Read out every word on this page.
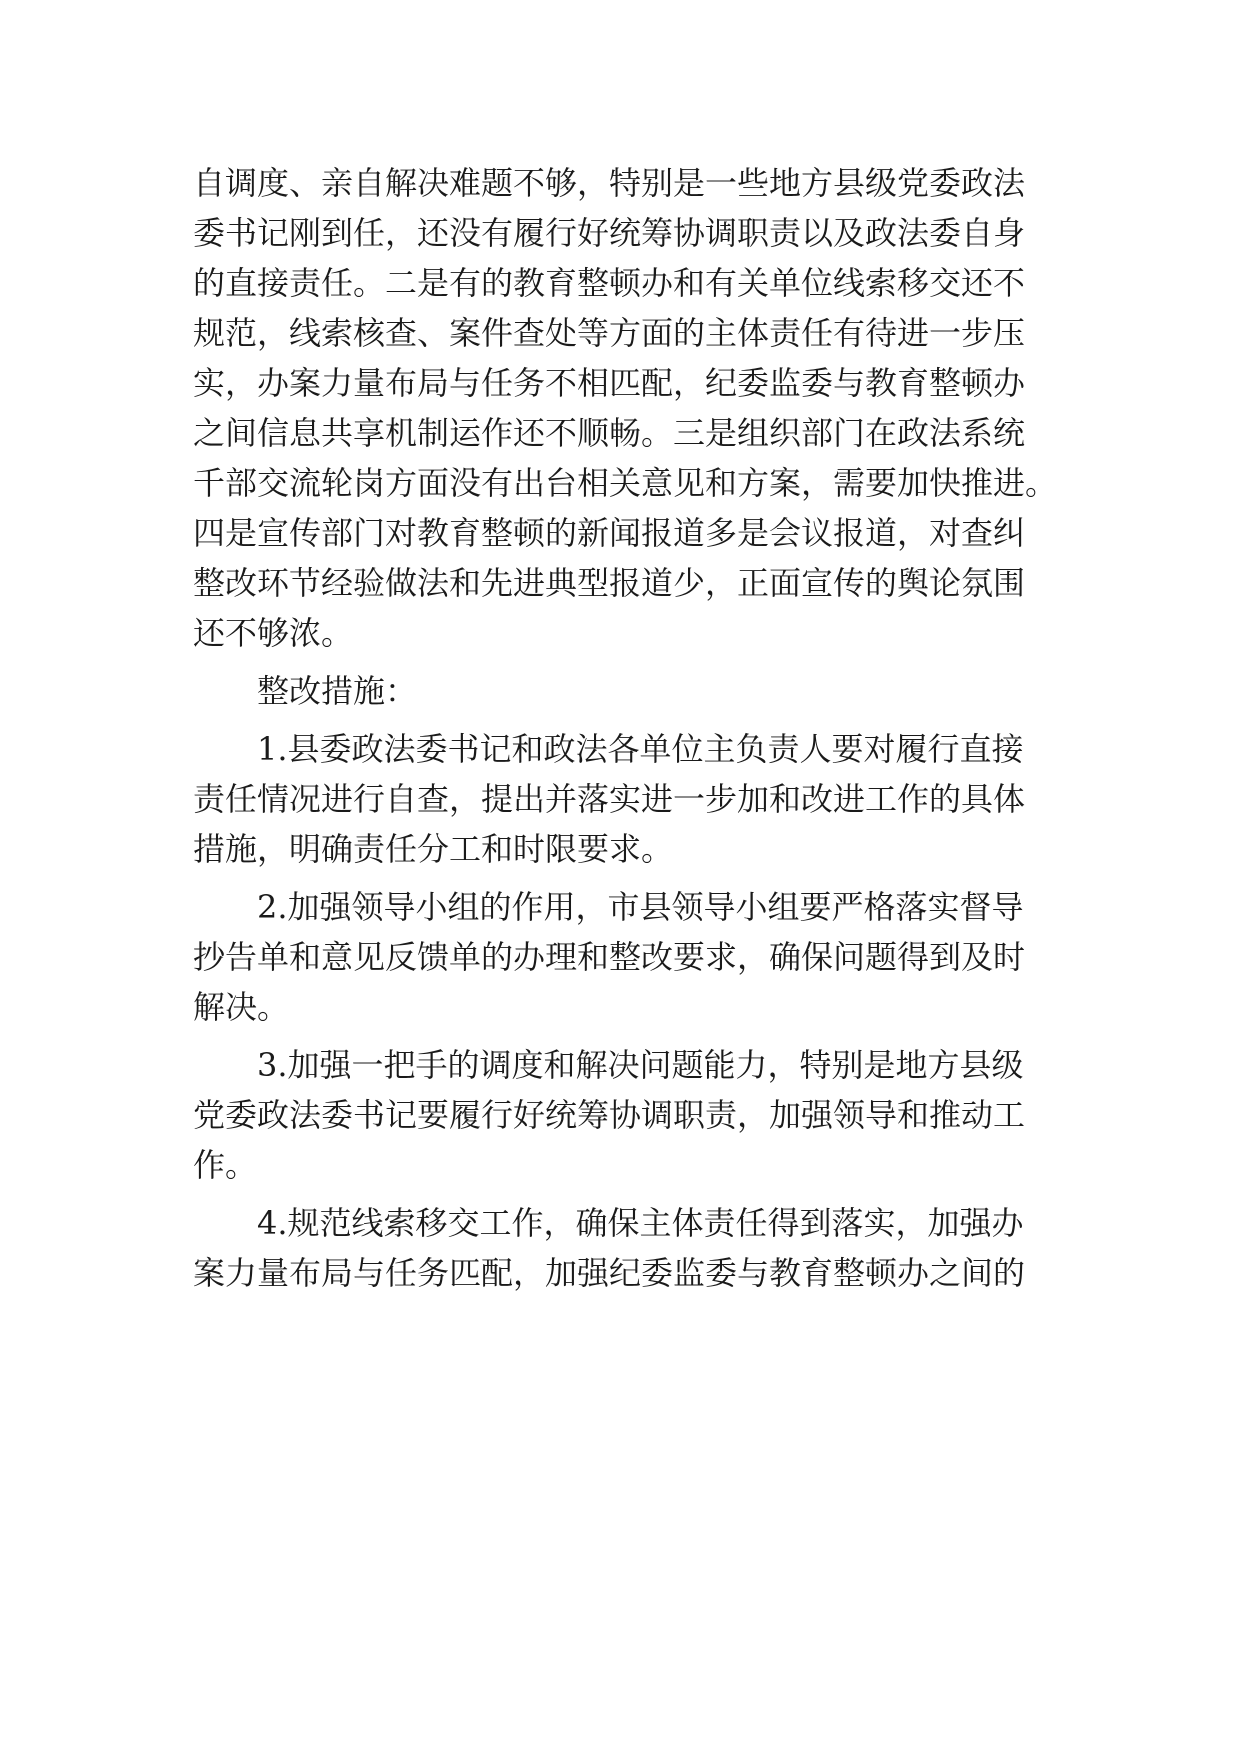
自调度、亲自解决难题不够，特别是一些地方县级党委政法
委书记刚到任，还没有履行好统筹协调职责以及政法委自身
的直接责任。二是有的教育整顿办和有关单位线索移交还不
规范，线索核查、案件查处等方面的主体责任有待进一步压
实，办案力量布局与任务不相匹配，纪委监委与教育整顿办
之间信息共享机制运作还不顺畅。三是组织部门在政法系统
千部交流轮岗方面没有出台相关意见和方案，需要加快推进。
四是宣传部门对教育整顿的新闻报道多是会议报道，对查纠
整改环节经验做法和先进典型报道少，正面宣传的舆论氛围
还不够浓。
整改措施：
1.县委政法委书记和政法各单位主负责人要对履行直接
责任情况进行自查，提出并落实进一步加和改进工作的具体
措施，明确责任分工和时限要求。
2.加强领导小组的作用，市县领导小组要严格落实督导
抄告单和意见反馈单的办理和整改要求，确保问题得到及时
解决。
3.加强一把手的调度和解决问题能力，特别是地方县级
党委政法委书记要履行好统筹协调职责，加强领导和推动工
作。
4.规范线索移交工作，确保主体责任得到落实，加强办
案力量布局与任务匹配，加强纪委监委与教育整顿办之间的
